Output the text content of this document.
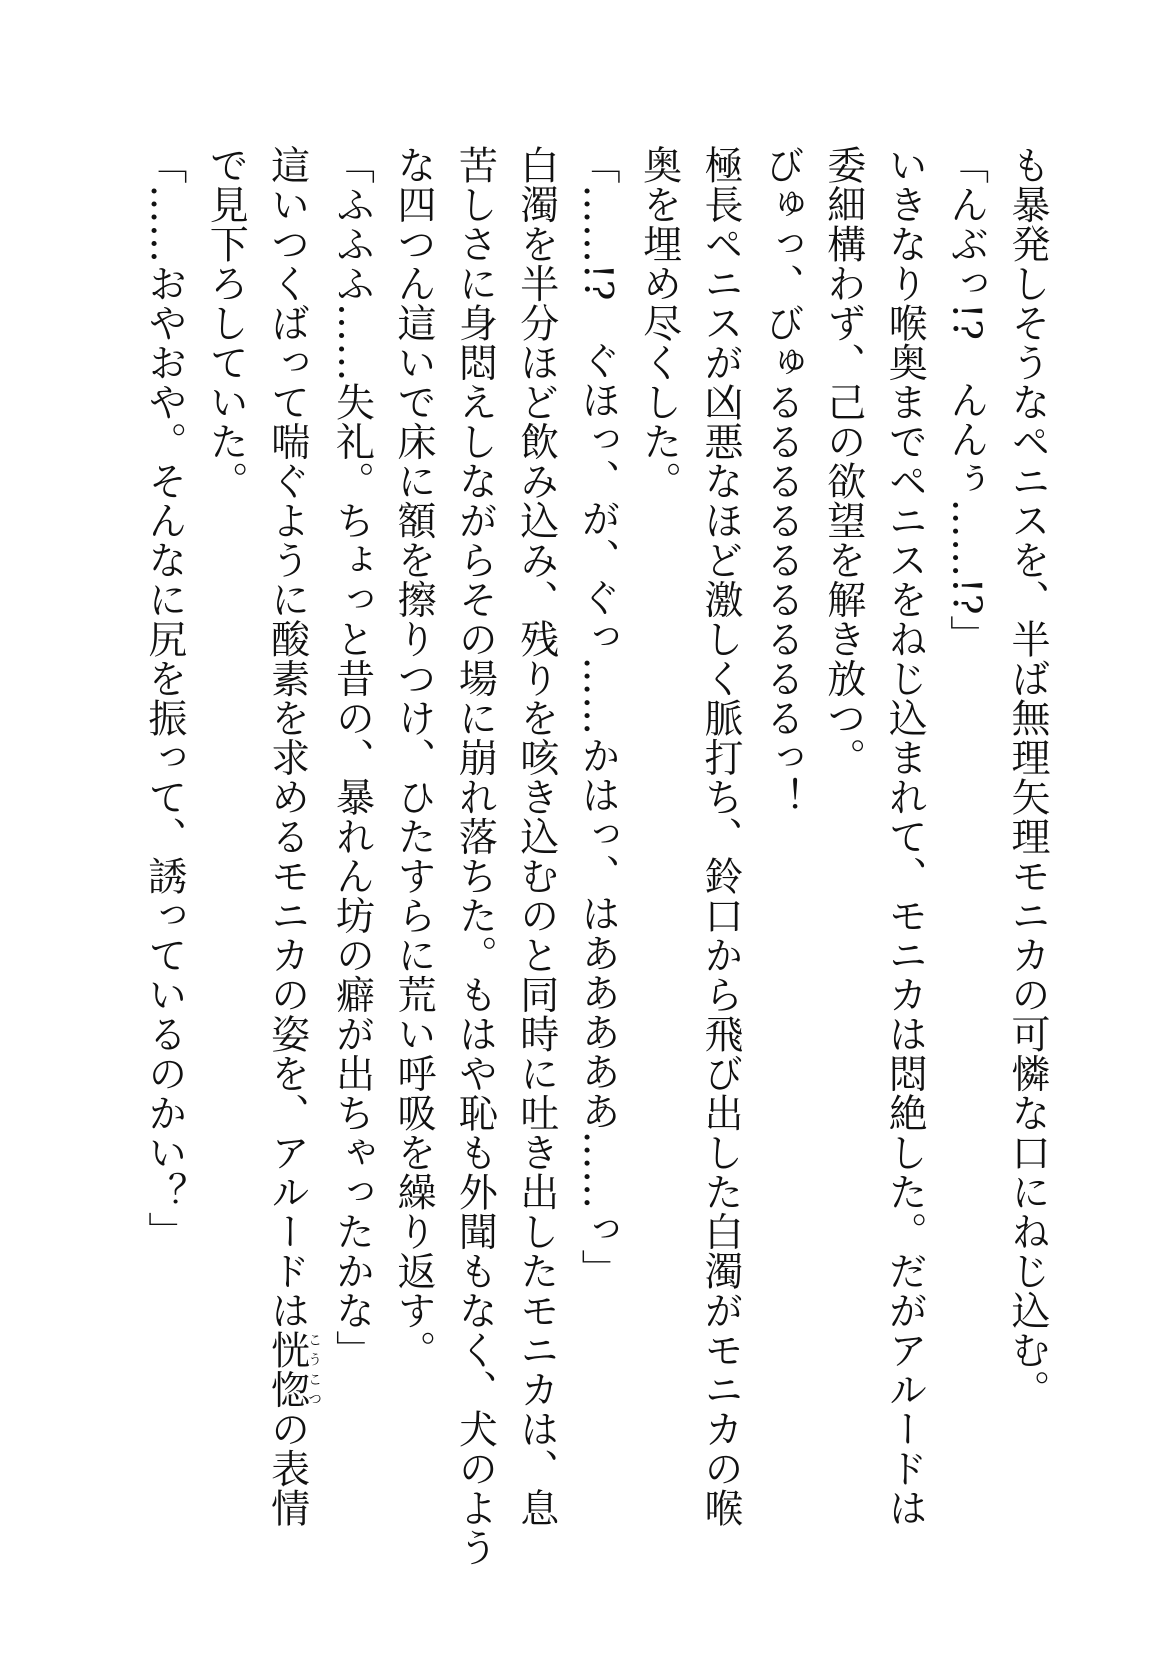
も暴発しそうなペニスを、半ば無理矢理モニカの可憐な口にねじ込む。
「んぶっ!?　んんぅ……!?」
いきなり喉奥までペニスをねじ込まれて、モニカは悶絶した。だがアルードは
委細構わず、己の欲望を解き放つ。
びゅっ、びゅるるるるるるるるるっ！
極長ペニスが凶悪なほど激しく脈打ち、鈴口から飛び出した白濁がモニカの喉
奥を埋め尽くした。
「……!?　ぐほっ、が、ぐっ……かはっ、はあああああ……っ」
白濁を半分ほど飲み込み、残りを咳き込むのと同時に吐き出したモニカは、息
苦しさに身悶えしながらその場に崩れ落ちた。もはや恥も外聞もなく、犬のよう
な四つん這いで床に額を擦りつけ、ひたすらに荒い呼吸を繰り返す。
「ふふふ……失礼。ちょっと昔の、暴れん坊の癖が出ちゃったかな」
這いつくばって喘ぐように酸素を求めるモニカの姿を、アルードは恍惚こうこつの表情
で見下ろしていた。
「……おやおや。そんなに尻を振って、誘っているのかい？」
